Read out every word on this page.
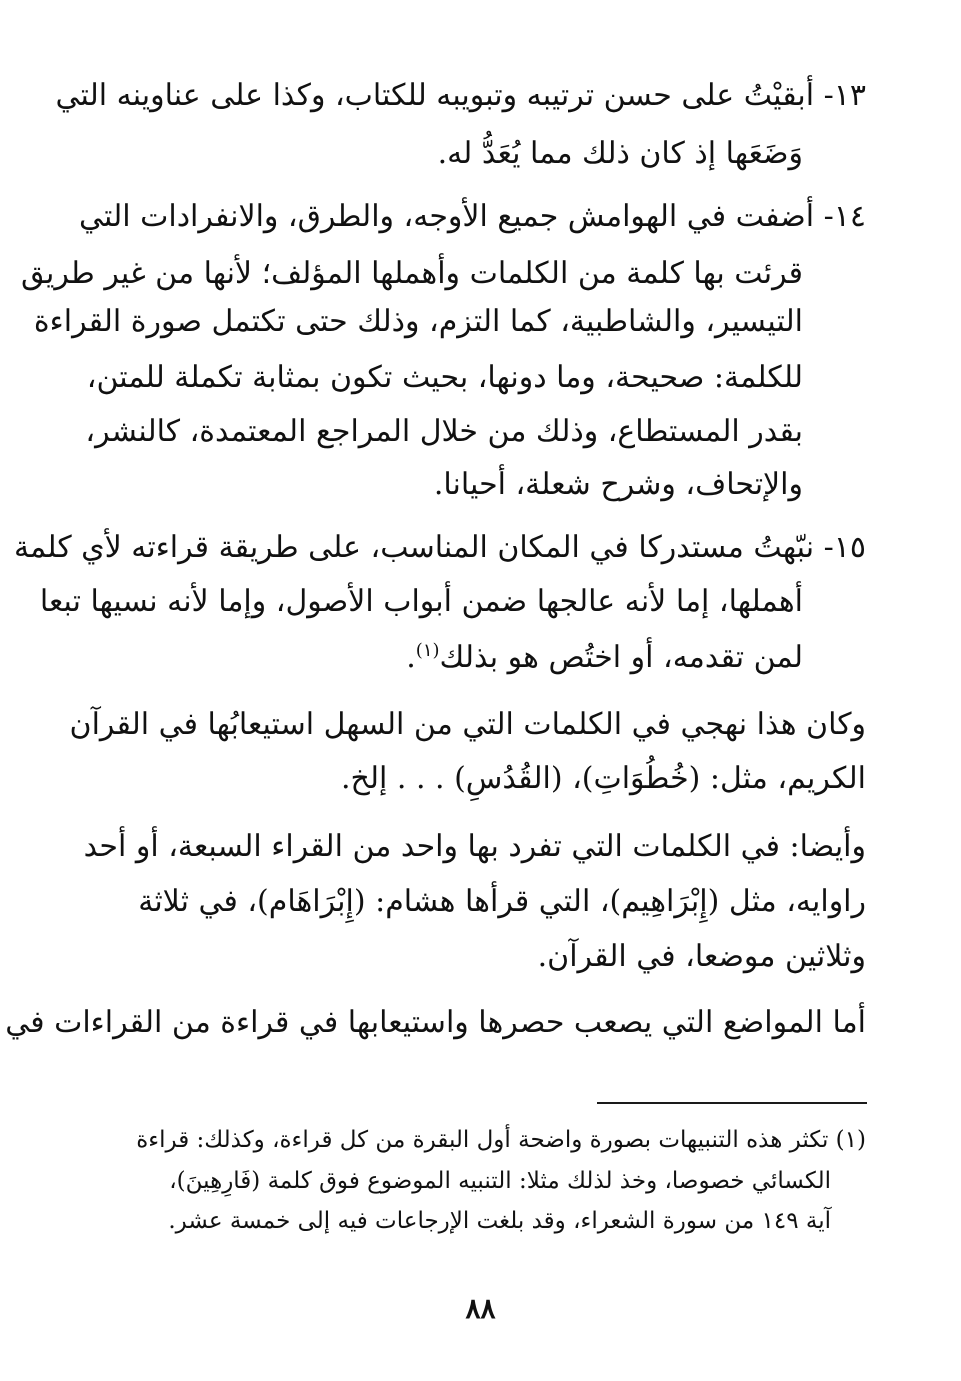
١٣- أبقيْتُ على حسن ترتيبه وتبويبه للكتاب، وكذا على عناوينه التي
وَضَعَها إذ كان ذلك مما يُعَدُّ له.
١٤- أضفت في الهوامش جميع الأوجه، والطرق، والانفرادات التي
قرئت بها كلمة من الكلمات وأهملها المؤلف؛ لأنها من غير طريق
التيسير، والشاطبية، كما التزم، وذلك حتى تكتمل صورة القراءة
للكلمة: صحيحة، وما دونها، بحيث تكون بمثابة تكملة للمتن،
بقدر المستطاع، وذلك من خلال المراجع المعتمدة، كالنشر،
والإتحاف، وشرح شعلة، أحيانا.
١٥- نبّهتُ مستدركا في المكان المناسب، على طريقة قراءته لأي كلمة
أهملها، إما لأنه عالجها ضمن أبواب الأصول، وإما لأنه نسيها تبعا
لمن تقدمه، أو اختُص هو بذلك$^{(١)}$.
وكان هذا نهجي في الكلمات التي من السهل استيعابُها في القرآن
الكريم، مثل: (خُطُوَاتِ)، (القُدُسِ) . . . إلخ.
وأيضا: في الكلمات التي تفرد بها واحد من القراء السبعة، أو أحد
راوايه، مثل (إِبْرَاهِيم)، التي قرأها هشام: (إِبْرَاهَام)، في ثلاثة
وثلاثين موضعا، في القرآن.
أما المواضع التي يصعب حصرها واستيعابها في قراءة من القراءات في
(١) تكثر هذه التنبيهات بصورة واضحة أول البقرة من كل قراءة، وكذلك: قراءة
الكسائي خصوصا، وخذ لذلك مثلا: التنبيه الموضوع فوق كلمة (فَارِهِينَ)،
آية ١٤٩ من سورة الشعراء، وقد بلغت الإرجاعات فيه إلى خمسة عشر.
٨٨
